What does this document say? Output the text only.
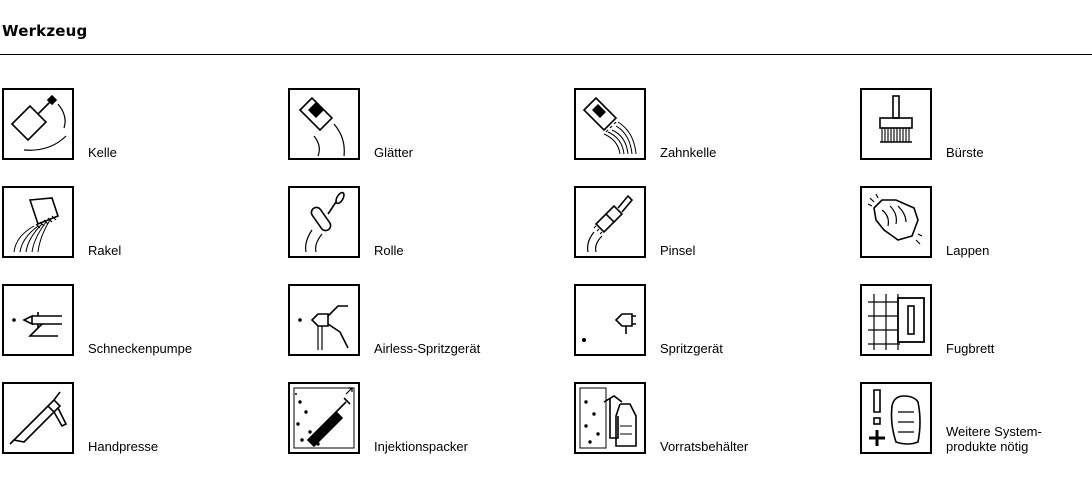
Werkzeug
Kelle	Glätter	Zahnkelle	Bürste
Rakel	Rolle	Pinsel	Lappen
Schneckenpumpe	Airless-Spritzgerät	Spritzgerät	Fugbrett
Handpresse	Injektionspacker	Vorratsbehälter
Weitere System-
produkte nötig
